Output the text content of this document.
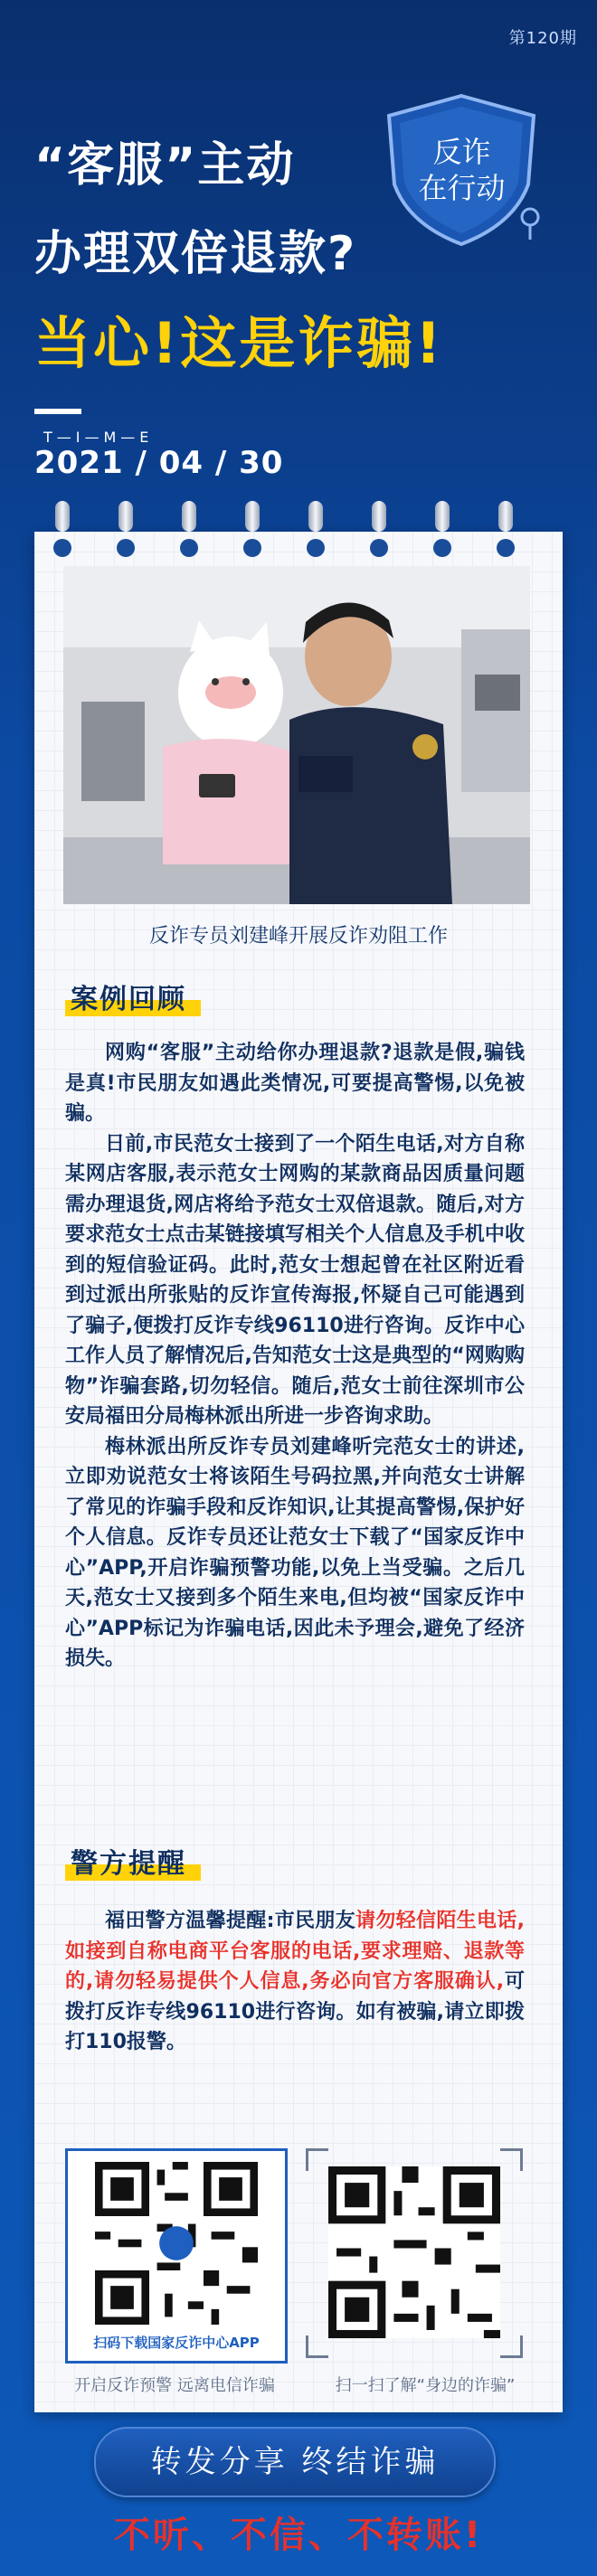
第120期
反诈
在行动
“客服”主动
办理双倍退款?
当心!这是诈骗!
T—I—M—E
2021 / 04 / 30
反诈专员刘建峰开展反诈劝阻工作
案例回顾

网购“客服”主动给你办理退款?退款是假,骗钱是真!市民朋友如遇此类情况,可要提高警惕,以免被骗。

日前,市民范女士接到了一个陌生电话,对方自称某网店客服,表示范女士网购的某款商品因质量问题需办理退货,网店将给予范女士双倍退款。随后,对方要求范女士点击某链接填写相关个人信息及手机中收到的短信验证码。此时,范女士想起曾在社区附近看到过派出所张贴的反诈宣传海报,怀疑自己可能遇到了骗子,便拨打反诈专线96110进行咨询。反诈中心工作人员了解情况后,告知范女士这是典型的“网购购物”诈骗套路,切勿轻信。随后,范女士前往深圳市公安局福田分局梅林派出所进一步咨询求助。

梅林派出所反诈专员刘建峰听完范女士的讲述,立即劝说范女士将该陌生号码拉黑,并向范女士讲解了常见的诈骗手段和反诈知识,让其提高警惕,保护好个人信息。反诈专员还让范女士下载了“国家反诈中心”APP,开启诈骗预警功能,以免上当受骗。之后几天,范女士又接到多个陌生来电,但均被“国家反诈中心”APP标记为诈骗电话,因此未予理会,避免了经济损失。

警方提醒

福田警方温馨提醒:市民朋友请勿轻信陌生电话,如接到自称电商平台客服的电话,要求理赔、退款等的,请勿轻易提供个人信息,务必向官方客服确认,可拨打反诈专线96110进行咨询。如有被骗,请立即拨打110报警。

扫码下载国家反诈中心APP
开启反诈预警 远离电信诈骗	扫一扫了解“身边的诈骗”
转发分享 终结诈骗
不听、不信、不转账!
